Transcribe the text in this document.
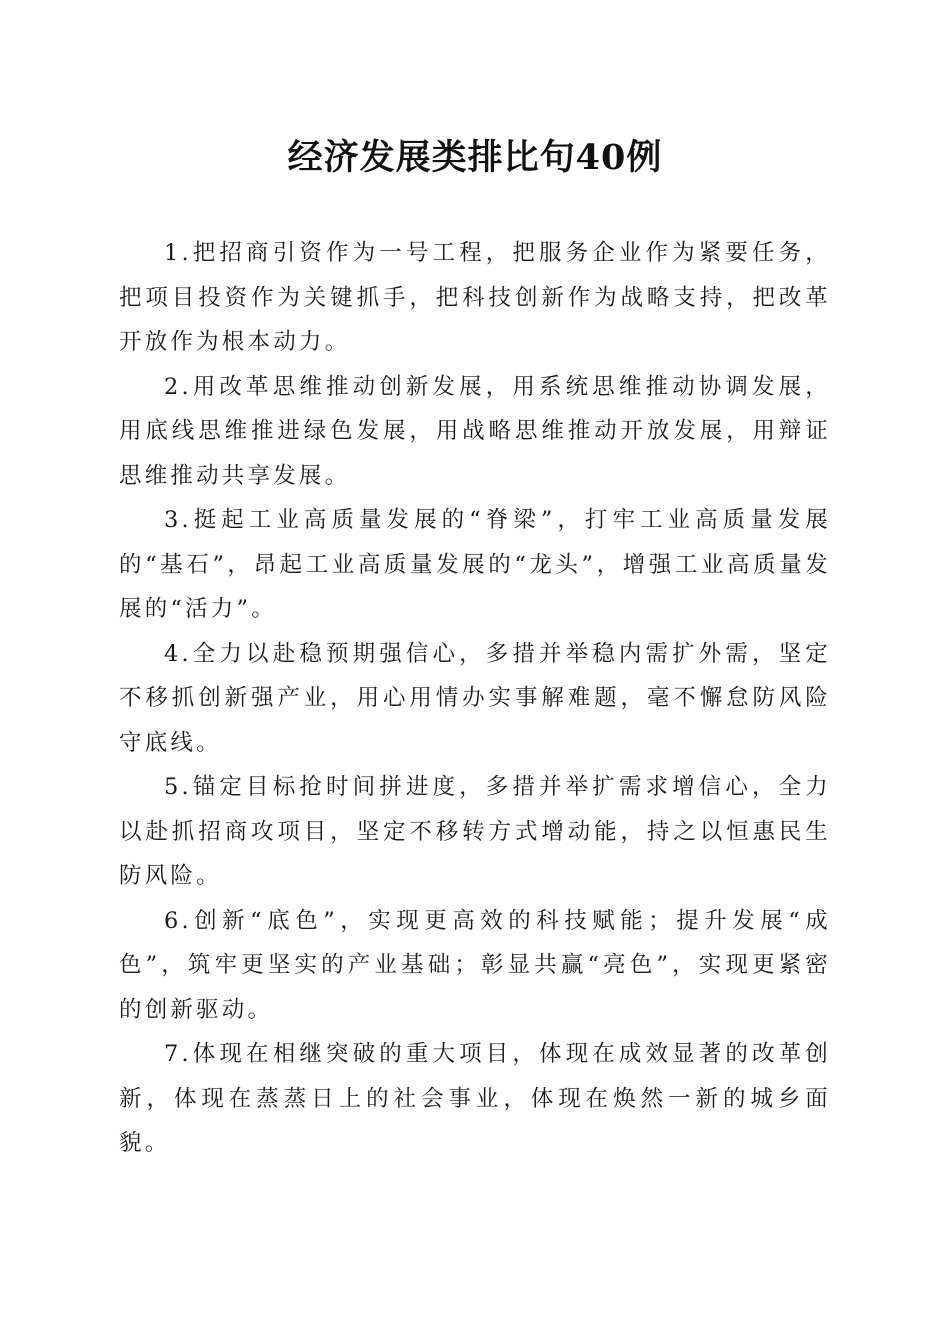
经济发展类排比句40例

1.把招商引资作为一号工程，把服务企业作为紧要任务，把项目投资作为关键抓手，把科技创新作为战略支持，把改革开放作为根本动力。

2.用改革思维推动创新发展，用系统思维推动协调发展，用底线思维推进绿色发展，用战略思维推动开放发展，用辩证思维推动共享发展。

3.挺起工业高质量发展的“脊梁”，打牢工业高质量发展的“基石”，昂起工业高质量发展的“龙头”，增强工业高质量发展的“活力”。

4.全力以赴稳预期强信心，多措并举稳内需扩外需，坚定不移抓创新强产业，用心用情办实事解难题，毫不懈怠防风险守底线。

5.锚定目标抢时间拼进度，多措并举扩需求增信心，全力以赴抓招商攻项目，坚定不移转方式增动能，持之以恒惠民生防风险。

6.创新“底色”，实现更高效的科技赋能；提升发展“成色”，筑牢更坚实的产业基础；彰显共赢“亮色”，实现更紧密的创新驱动。

7.体现在相继突破的重大项目，体现在成效显著的改革创新，体现在蒸蒸日上的社会事业，体现在焕然一新的城乡面貌。
